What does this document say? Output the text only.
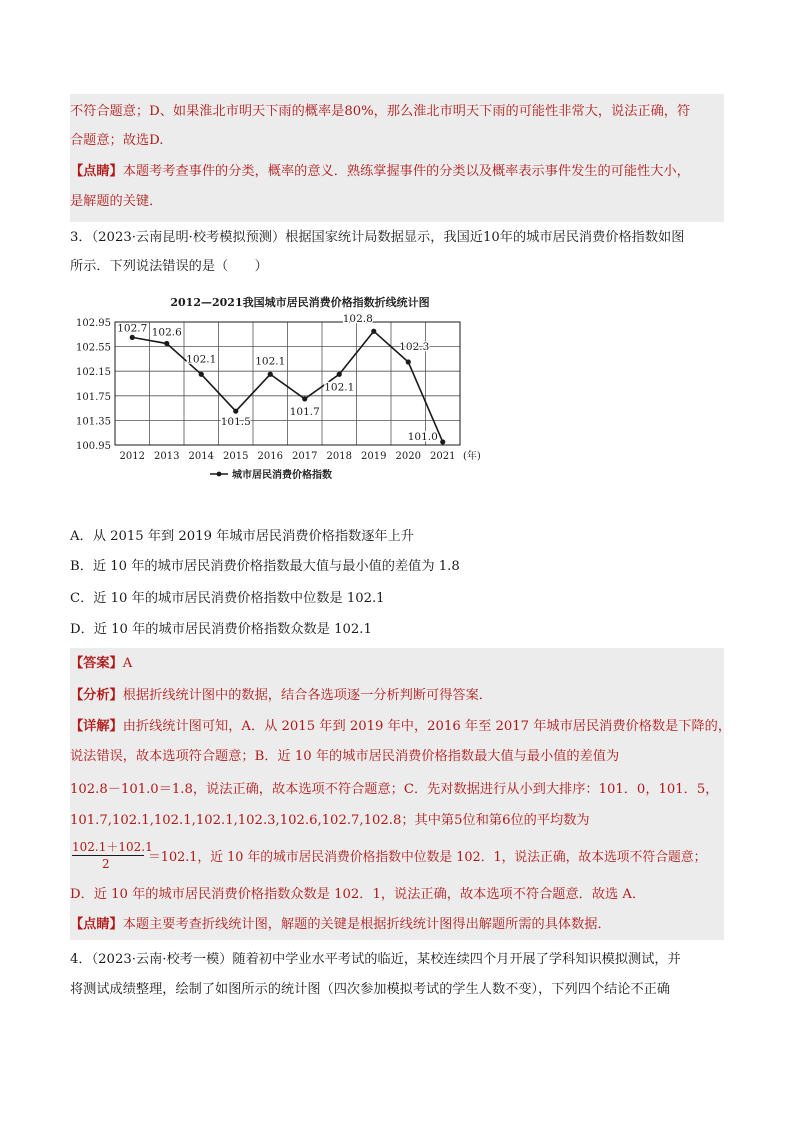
不符合题意；D、如果淮北市明天下雨的概率是80%，那么淮北市明天下雨的可能性非常大，说法正确，符
合题意；故选D.
【点睛】本题考考查事件的分类，概率的意义．熟练掌握事件的分类以及概率表示事件发生的可能性大小，
是解题的关键．
3．（2023·云南昆明·校考模拟预测）根据国家统计局数据显示，我国近10年的城市居民消费价格指数如图
所示．下列说法错误的是（　　）
2012—2021我国城市居民消费价格指数折线统计图
100.95
101.35
101.75
102.15
102.55
102.95 102.7 102.6
102.1
101.5
102.1
101.7
102.1
102.8
102.3
101.0
2012 2013 2014 2015 2016 2017 2018 2019 2020 2021 (年)
城市居民消费价格指数
A．从 2015 年到 2019 年城市居民消费价格指数逐年上升
B．近 10 年的城市居民消费价格指数最大值与最小值的差值为 1.8
C．近 10 年的城市居民消费价格指数中位数是 102.1
D．近 10 年的城市居民消费价格指数众数是 102.1
【答案】A
【分析】根据折线统计图中的数据，结合各选项逐一分析判断可得答案．
【详解】由折线统计图可知，A．从 2015 年到 2019 年中，2016 年至 2017 年城市居民消费价格数是下降的，
说法错误，故本选项符合题意；B．近 10 年的城市居民消费价格指数最大值与最小值的差值为
102.8－101.0＝1.8，说法正确，故本选项不符合题意；C．先对数据进行从小到大排序：101．0，101．5，
101.7,102.1,102.1,102.1,102.3,102.6,102.7,102.8；其中第5位和第6位的平均数为
102.1＋102.1
2	＝102.1，近 10 年的城市居民消费价格指数中位数是 102．1，说法正确，故本选项不符合题意；
D．近 10 年的城市居民消费价格指数众数是 102．1，说法正确，故本选项不符合题意．故选 A．
【点睛】本题主要考查折线统计图，解题的关键是根据折线统计图得出解题所需的具体数据．
4．（2023·云南·校考一模）随着初中学业水平考试的临近，某校连续四个月开展了学科知识模拟测试，并
将测试成绩整理，绘制了如图所示的统计图（四次参加模拟考试的学生人数不变），下列四个结论不正确
